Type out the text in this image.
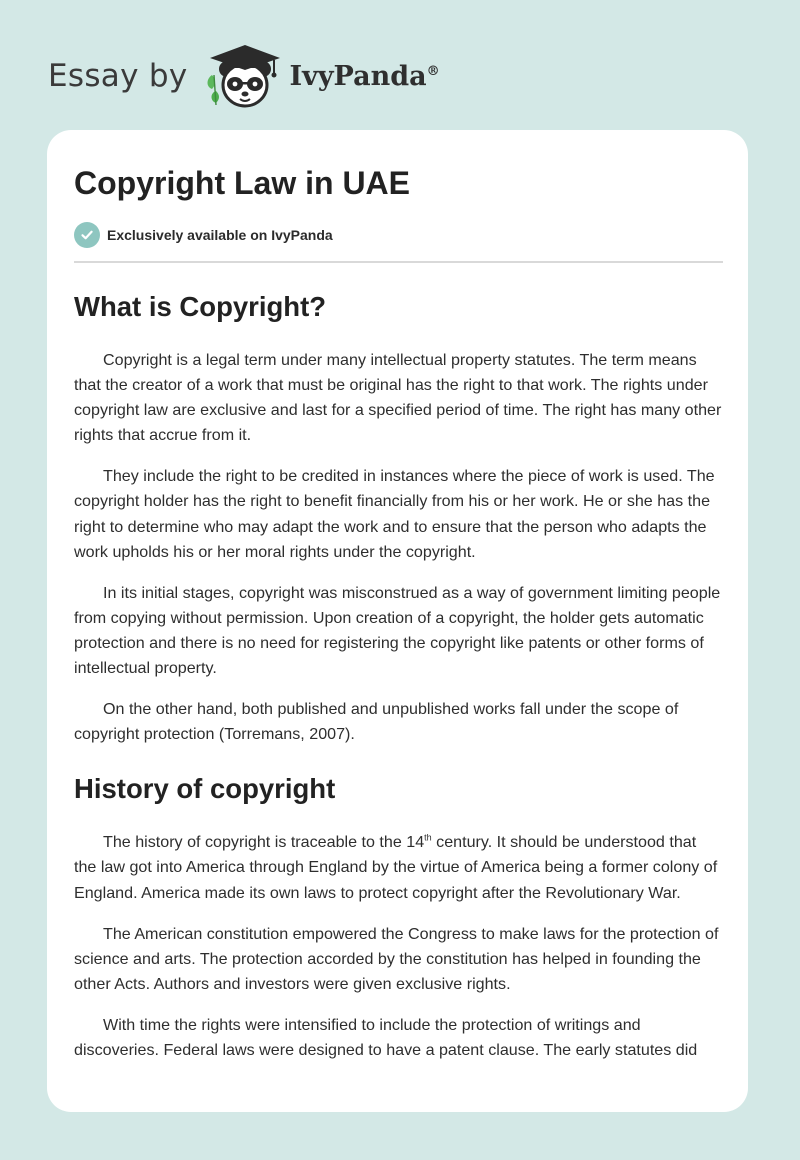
Essay by	IvyPanda®
Copyright Law in UAE
Exclusively available on IvyPanda
What is Copyright?

Copyright is a legal term under many intellectual property statutes. The term means that the creator of a work that must be original has the right to that work. The rights under copyright law are exclusive and last for a specified period of time. The right has many other rights that accrue from it.

They include the right to be credited in instances where the piece of work is used. The copyright holder has the right to benefit financially from his or her work. He or she has the right to determine who may adapt the work and to ensure that the person who adapts the work upholds his or her moral rights under the copyright.

In its initial stages, copyright was misconstrued as a way of government limiting people from copying without permission. Upon creation of a copyright, the holder gets automatic protection and there is no need for registering the copyright like patents or other forms of intellectual property.

On the other hand, both published and unpublished works fall under the scope of copyright protection (Torremans, 2007).

History of copyright

The history of copyright is traceable to the 14th century. It should be understood that the law got into America through England by the virtue of America being a former colony of England. America made its own laws to protect copyright after the Revolutionary War.

The American constitution empowered the Congress to make laws for the protection of science and arts. The protection accorded by the constitution has helped in founding the other Acts. Authors and investors were given exclusive rights.

With time the rights were intensified to include the protection of writings and discoveries. Federal laws were designed to have a patent clause. The early statutes did
